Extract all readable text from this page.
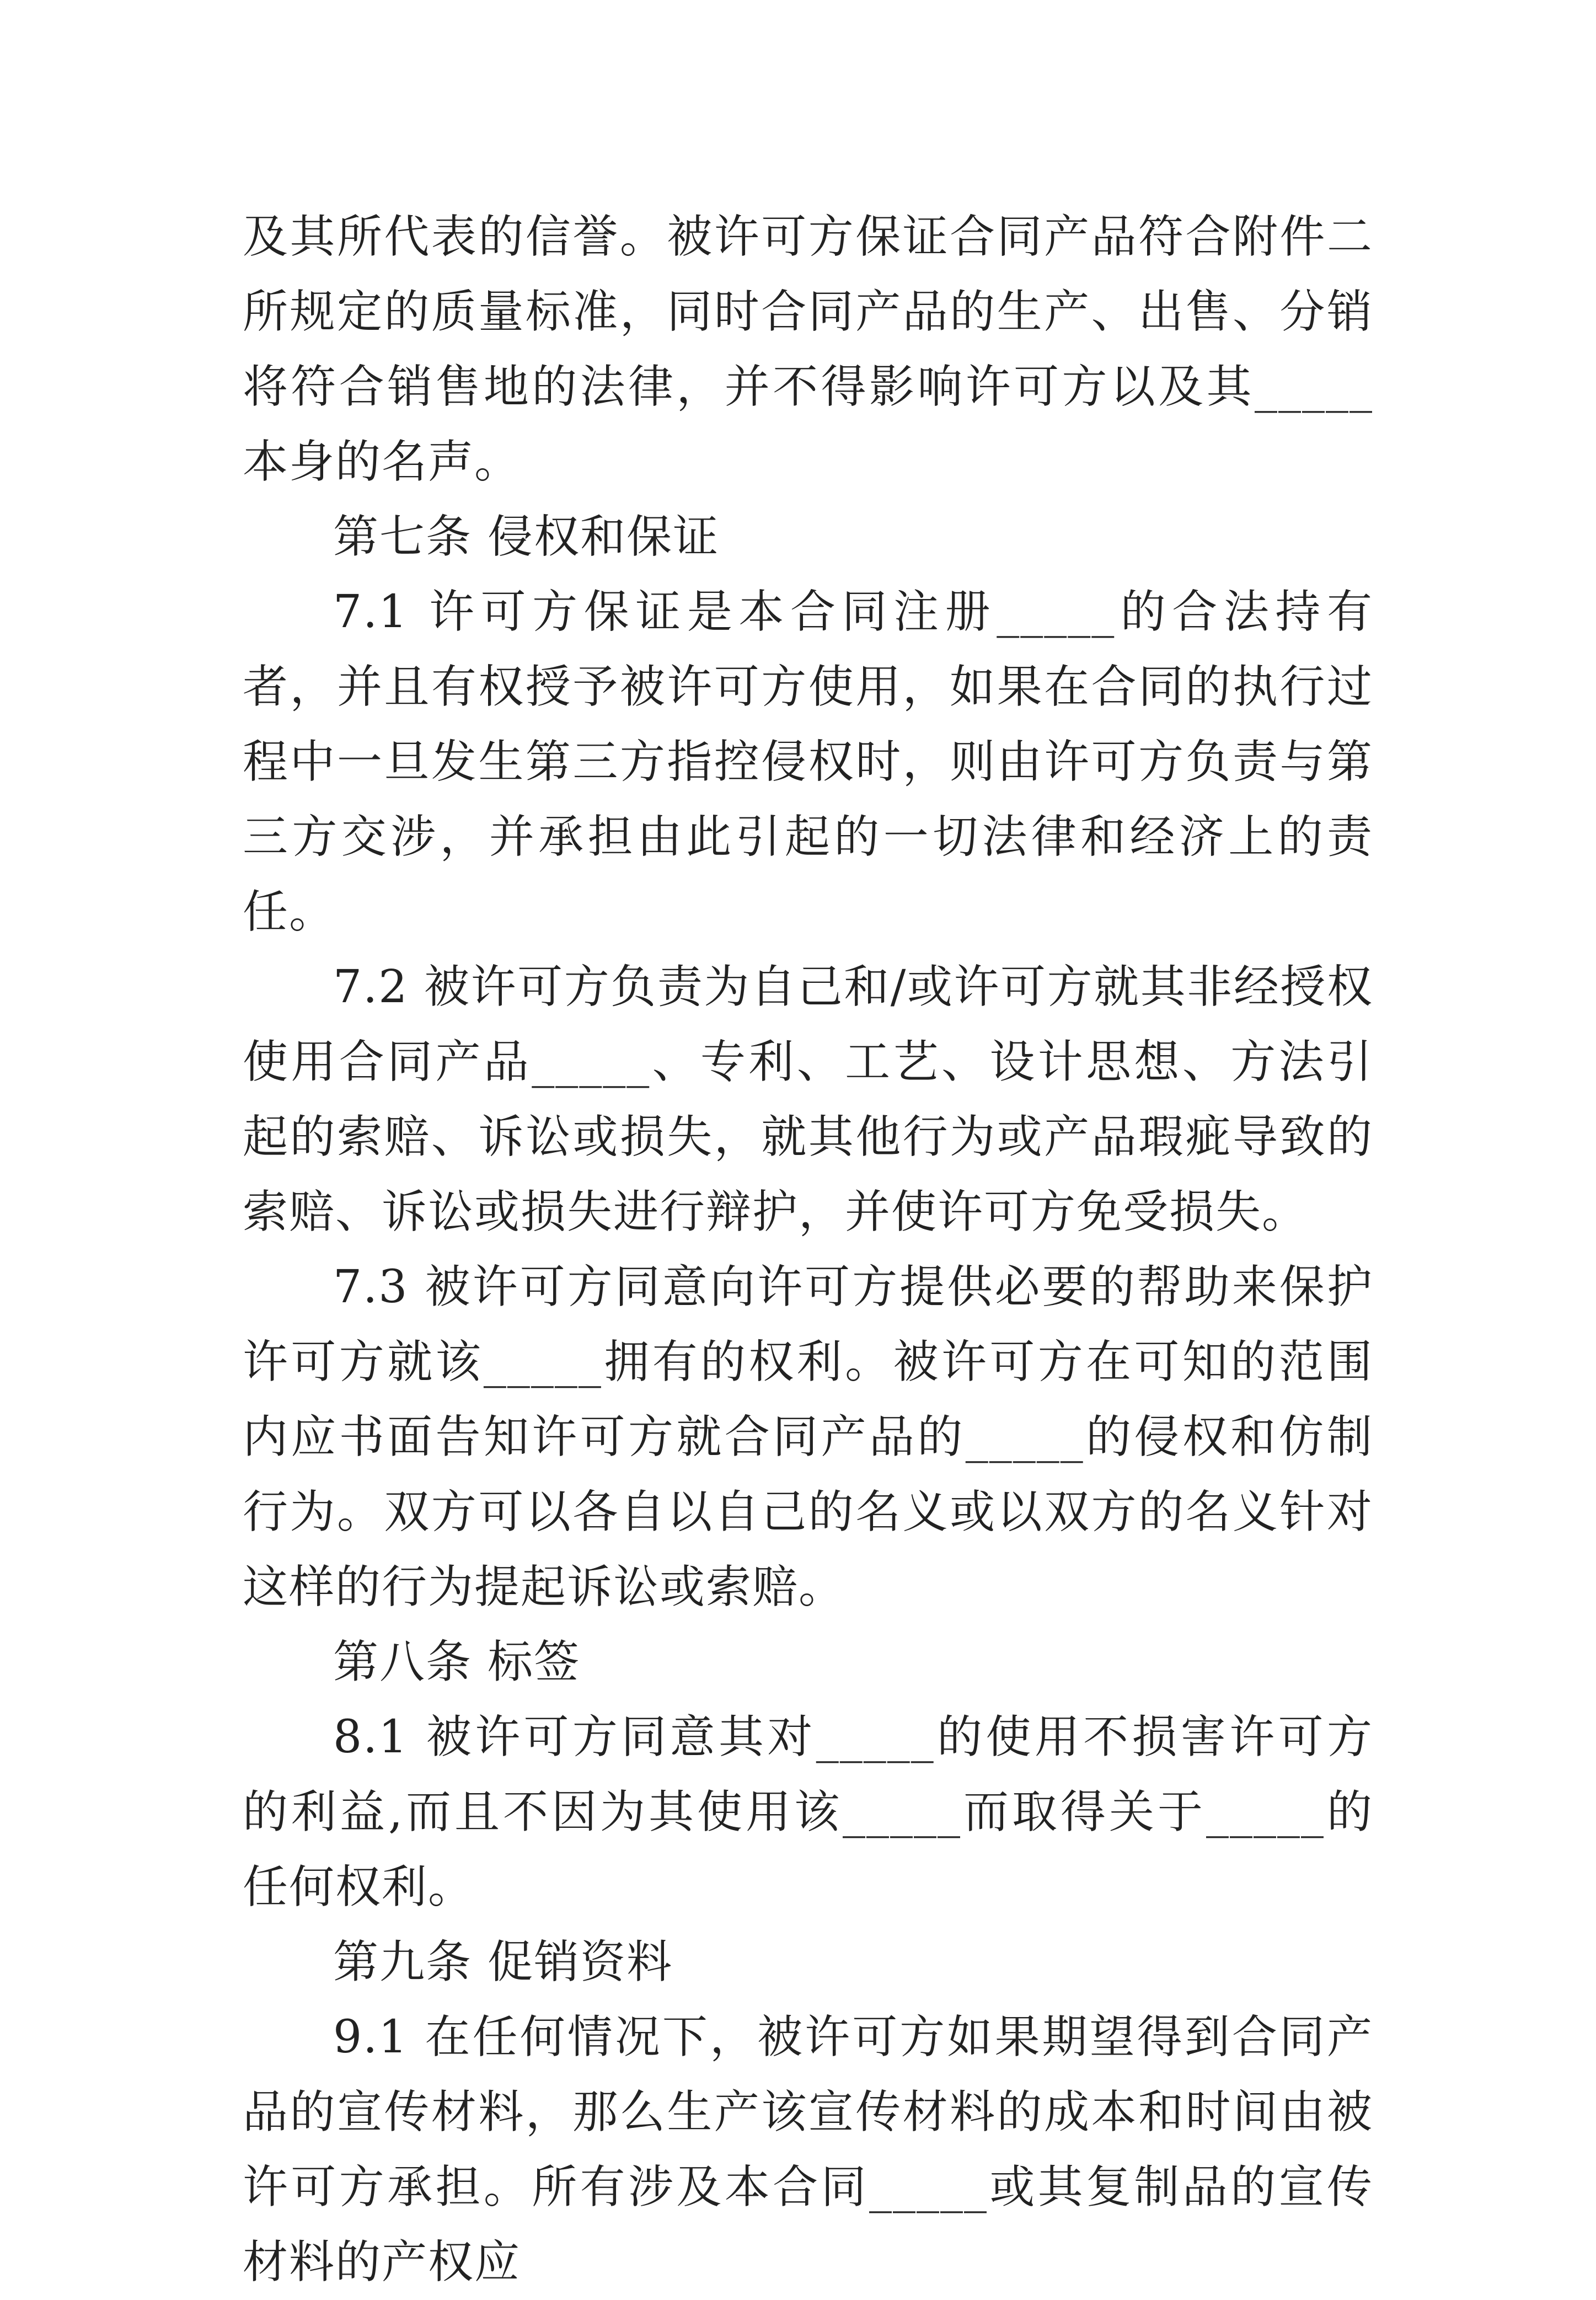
及其所代表的信誉。被许可方保证合同产品符合附件二所规定的质量标准，同时合同产品的生产、出售、分销将符合销售地的法律，并不得影响许可方以及其_____本身的名声。

第七条 侵权和保证

7.1 许可方保证是本合同注册_____的合法持有者，并且有权授予被许可方使用，如果在合同的执行过程中一旦发生第三方指控侵权时，则由许可方负责与第三方交涉，并承担由此引起的一切法律和经济上的责任。

7.2 被许可方负责为自己和/或许可方就其非经授权使用合同产品_____、专利、工艺、设计思想、方法引起的索赔、诉讼或损失，就其他行为或产品瑕疵导致的索赔、诉讼或损失进行辩护，并使许可方免受损失。

7.3 被许可方同意向许可方提供必要的帮助来保护许可方就该_____拥有的权利。被许可方在可知的范围内应书面告知许可方就合同产品的_____的侵权和仿制行为。双方可以各自以自己的名义或以双方的名义针对这样的行为提起诉讼或索赔。

第八条 标签

8.1 被许可方同意其对_____的使用不损害许可方的利益,而且不因为其使用该_____而取得关于_____的任何权利。

第九条 促销资料

9.1 在任何情况下，被许可方如果期望得到合同产品的宣传材料，那么生产该宣传材料的成本和时间由被许可方承担。所有涉及本合同_____或其复制品的宣传材料的产权应
